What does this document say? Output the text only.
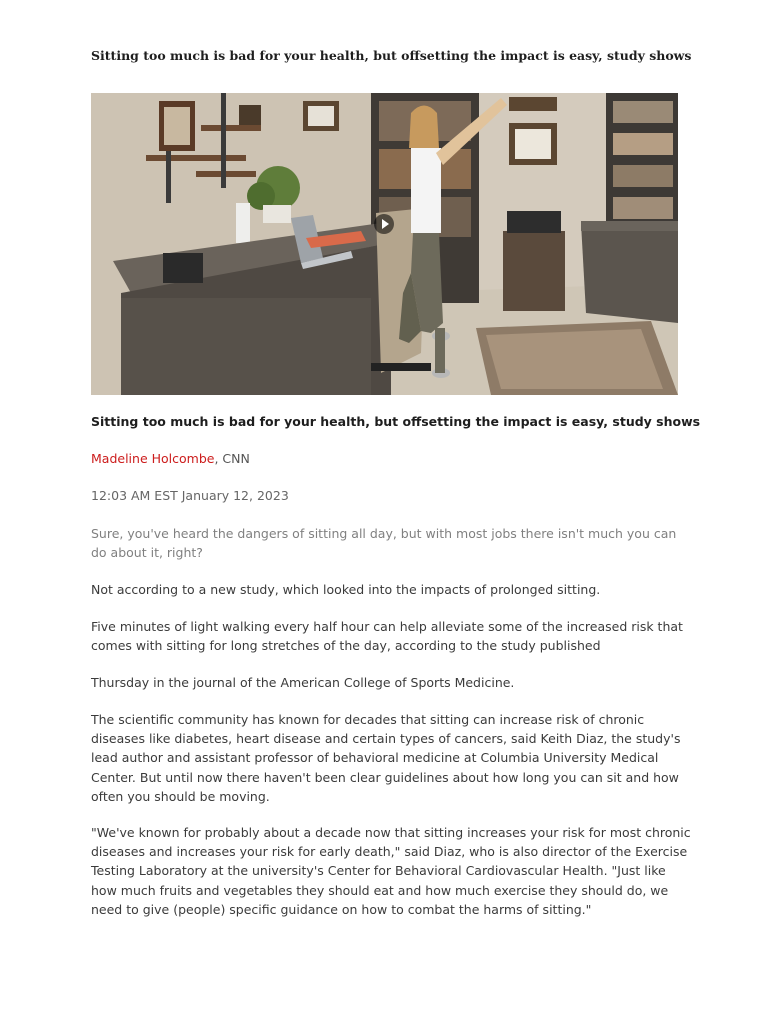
Sitting too much is bad for your health, but offsetting the impact is easy, study shows
Sitting too much is bad for your health, but offsetting the impact is easy, study shows
Madeline Holcombe, CNN
12:03 AM EST January 12, 2023

Sure, you've heard the dangers of sitting all day, but with most jobs there isn't much you can do about it, right?

Not according to a new study, which looked into the impacts of prolonged sitting.

Five minutes of light walking every half hour can help alleviate some of the increased risk that comes with sitting for long stretches of the day, according to the study published

Thursday in the journal of the American College of Sports Medicine.

The scientific community has known for decades that sitting can increase risk of chronic diseases like diabetes, heart disease and certain types of cancers, said Keith Diaz, the study's lead author and assistant professor of behavioral medicine at Columbia University Medical Center. But until now there haven't been clear guidelines about how long you can sit and how often you should be moving.

"We've known for probably about a decade now that sitting increases your risk for most chronic diseases and increases your risk for early death," said Diaz, who is also director of the Exercise Testing Laboratory at the university's Center for Behavioral Cardiovascular Health. "Just like how much fruits and vegetables they should eat and how much exercise they should do, we need to give (people) specific guidance on how to combat the harms of sitting."
